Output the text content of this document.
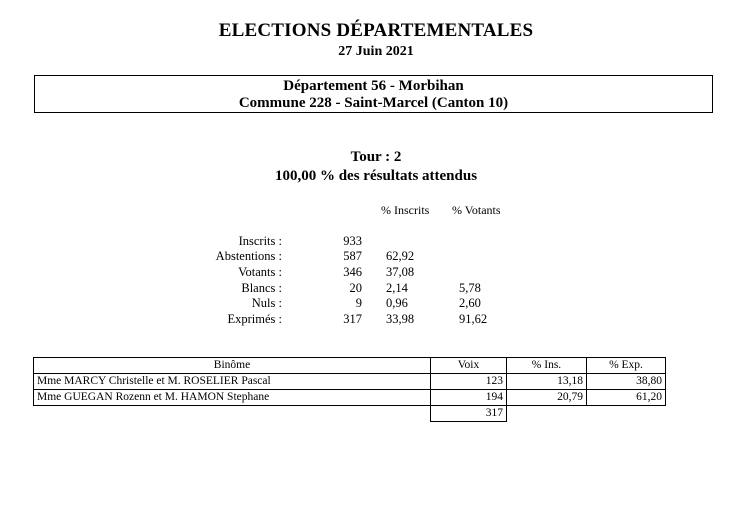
ELECTIONS DÉPARTEMENTALES
27 Juin 2021
Département 56 - Morbihan
Commune 228 - Saint-Marcel (Canton 10)
Tour : 2
100,00 % des résultats attendus
% Inscrits % Votants
Inscrits :	933
Abstentions :	587 62,92
Votants :	346 37,08
Blancs :	20 2,14	5,78
Nuls :	9 0,96	2,60
Exprimés :	317 33,98	91,62
Binôme	Voix	% Ins.	% Exp.
Mme MARCY Christelle et M. ROSELIER Pascal	123	13,18	38,80
Mme GUEGAN Rozenn et M. HAMON Stephane	194	20,79	61,20
	317		
